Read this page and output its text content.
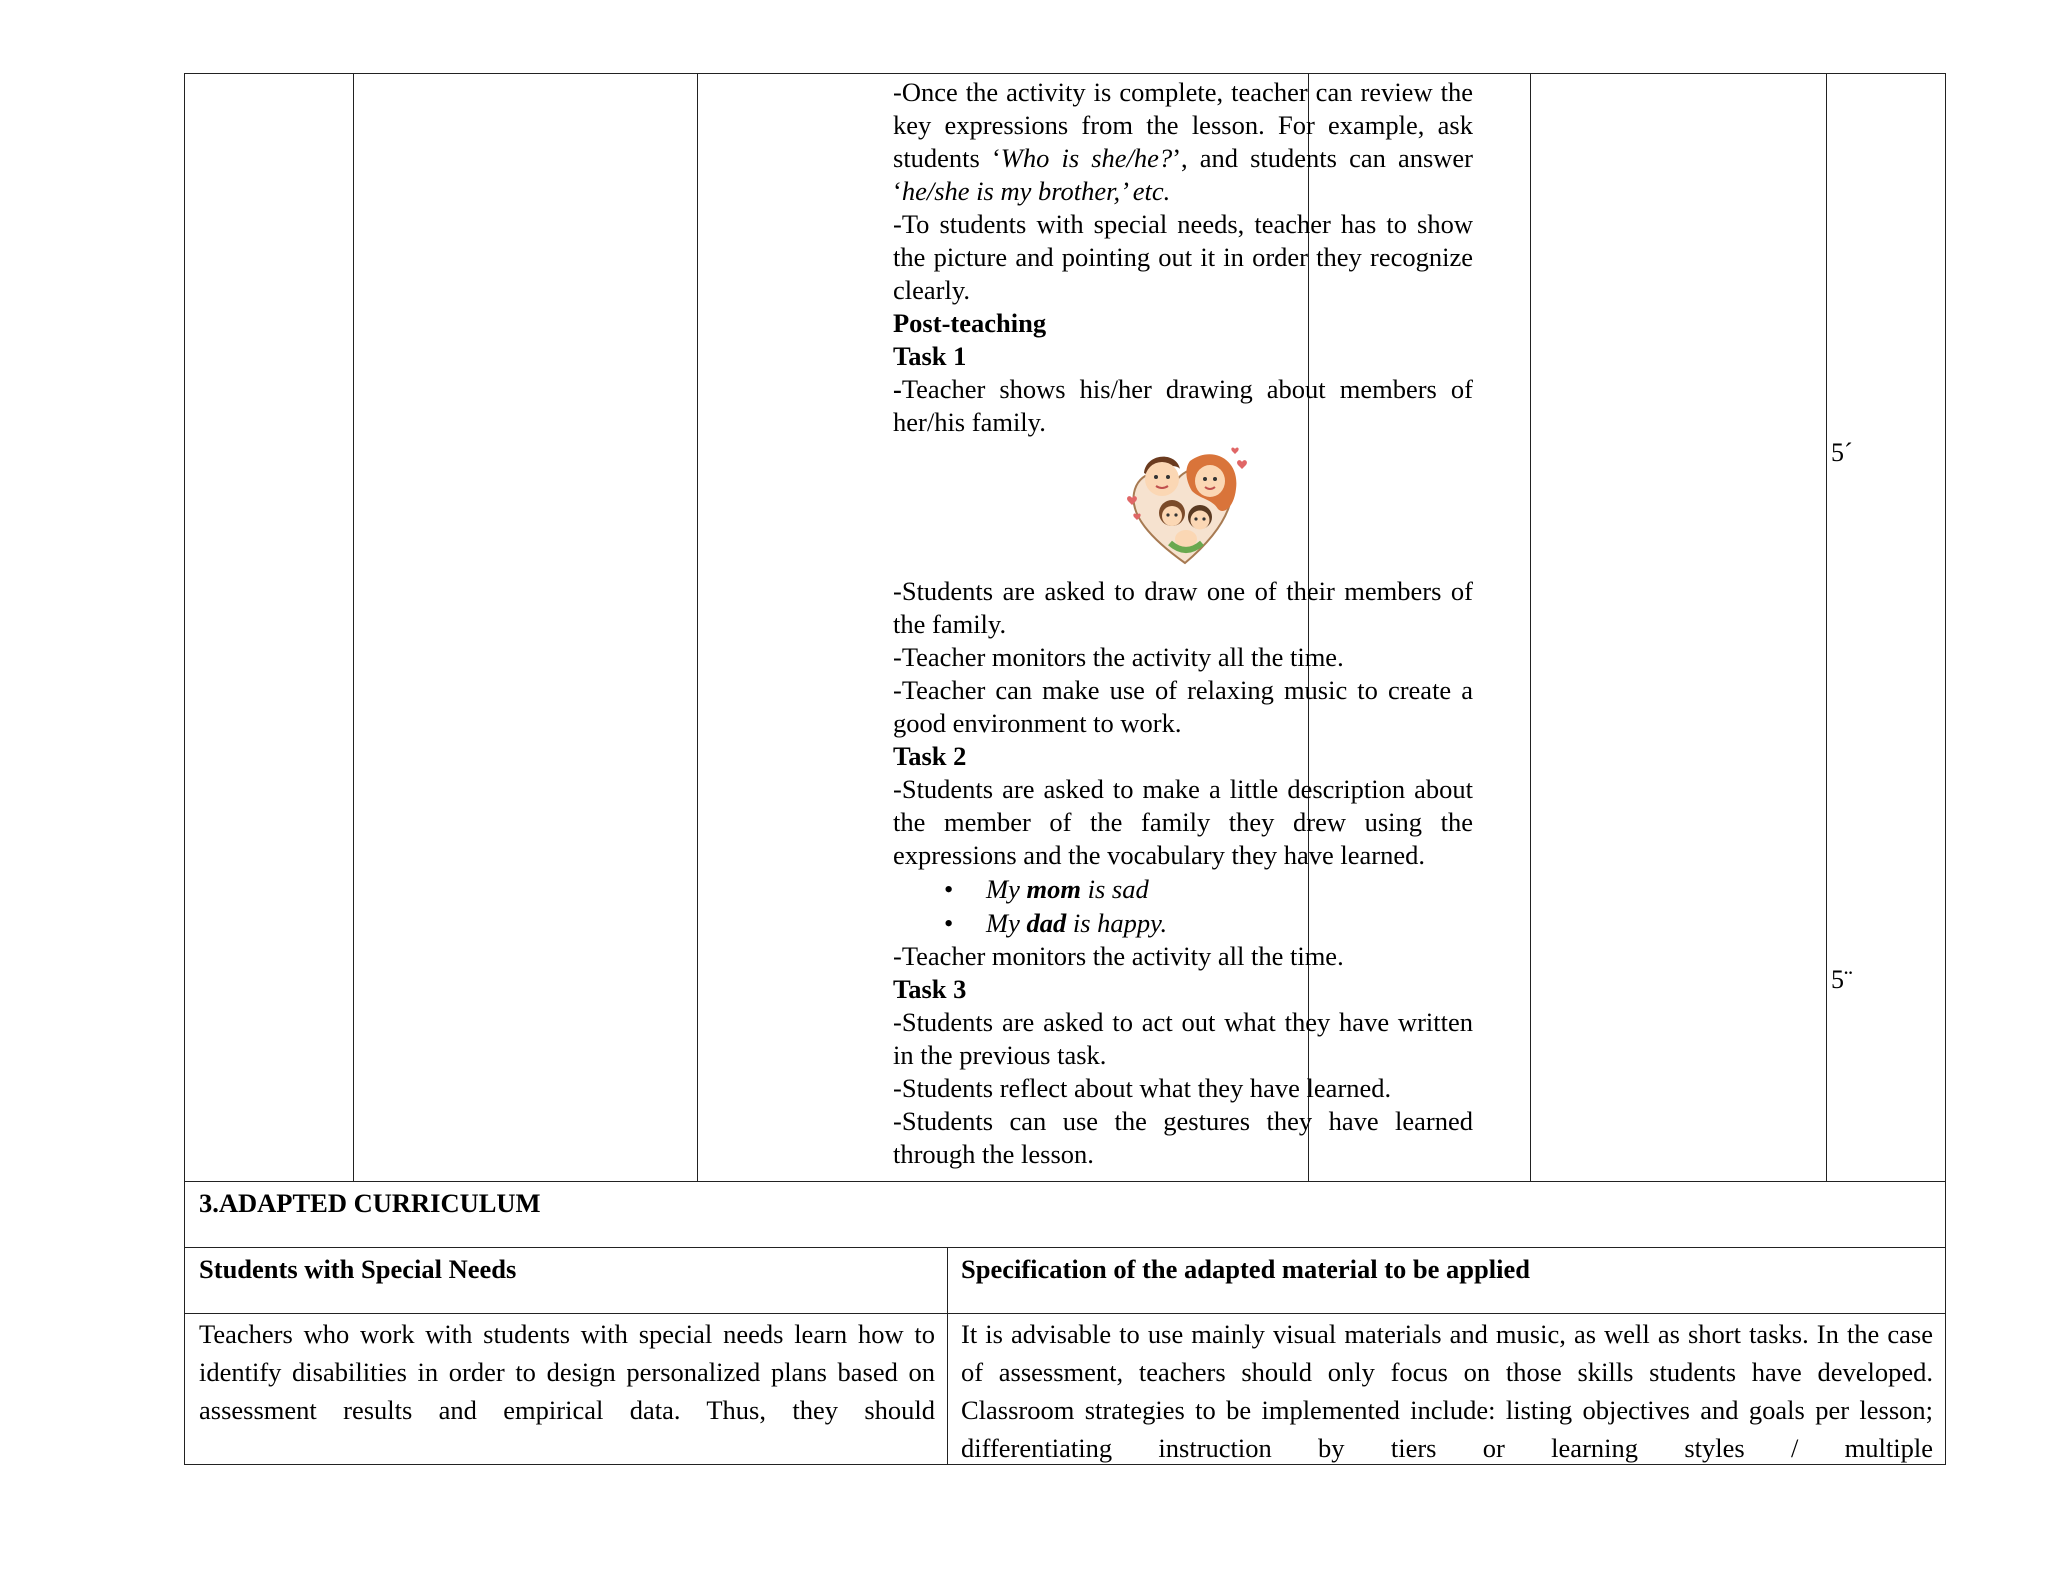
-Once the activity is complete, teacher can review the key expressions from the lesson. For example, ask students ‘Who is she/he?’, and students can answer ‘he/she is my brother,’ etc.

-To students with special needs, teacher has to show the picture and pointing out it in order they recognize clearly.

Post-teaching

Task 1

-Teacher shows his/her drawing about members of her/his family.

-Students are asked to draw one of their members of the family.

-Teacher monitors the activity all the time.

-Teacher can make use of relaxing music to create a good environment to work.

Task 2

-Students are asked to make a little description about the member of the family they drew using the expressions and the vocabulary they have learned.

• My mom is sad
• My dad is happy.

-Teacher monitors the activity all the time.

Task 3

-Students are asked to act out what they have written in the previous task.

-Students reflect about what they have learned.

-Students can use the gestures they have learned through the lesson.

5´
5¨
3.ADAPTED CURRICULUM
Students with Special Needs	Specification of the adapted material to be applied
Teachers who work with students with special needs learn how to identify disabilities in order to design personalized plans based on assessment results and empirical data. Thus, they should
It is advisable to use mainly visual materials and music, as well as short tasks. In the case of assessment, teachers should only focus on those skills students have developed. Classroom strategies to be implemented include: listing objectives and goals per lesson; differentiating instruction by tiers or learning styles / multiple
